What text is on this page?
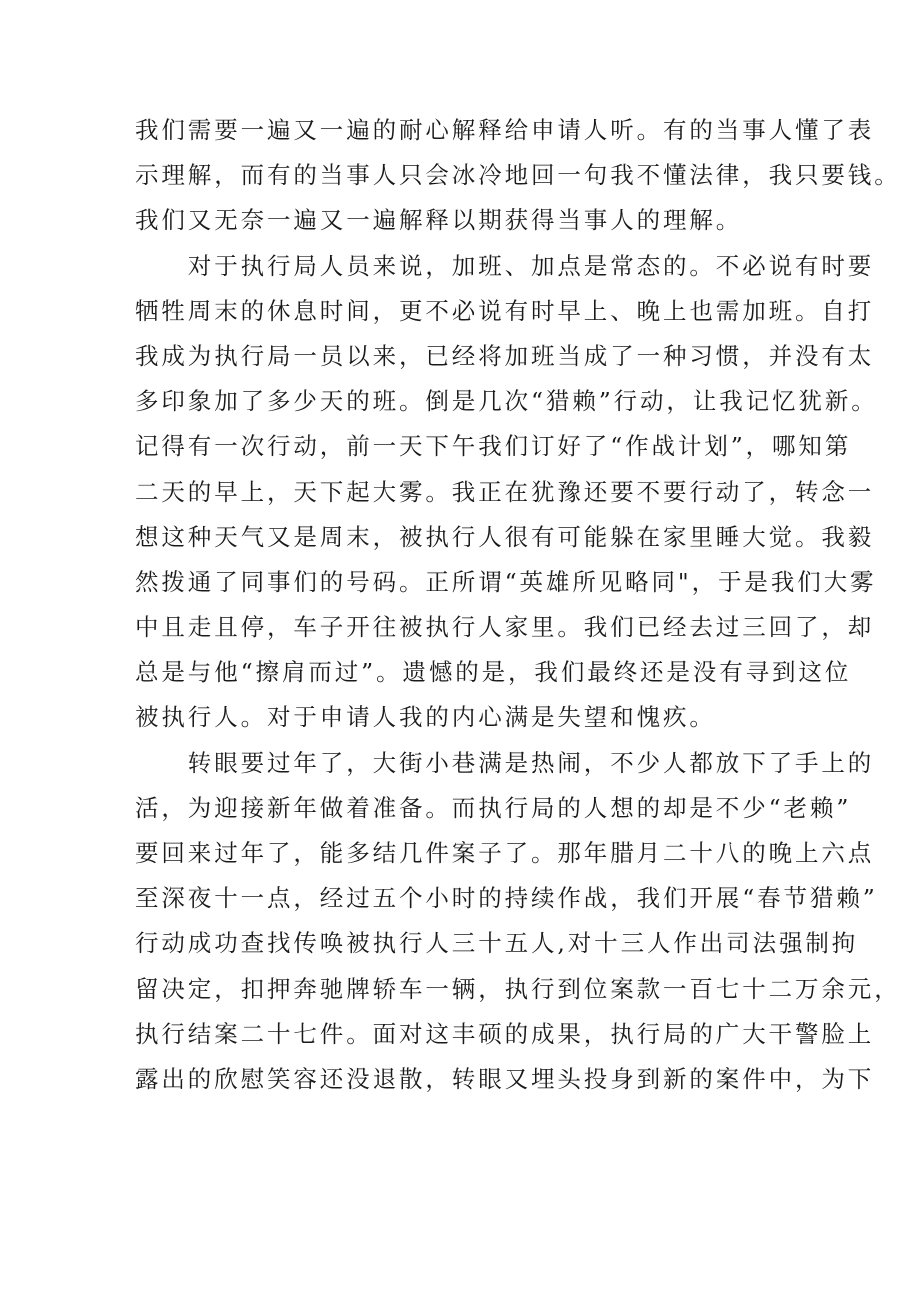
我们需要一遍又一遍的耐心解释给申请人听。有的当事人懂了表
示理解，而有的当事人只会冰冷地回一句我不懂法律，我只要钱。
我们又无奈一遍又一遍解释以期获得当事人的理解。
　　对于执行局人员来说，加班、加点是常态的。不必说有时要
牺牲周末的休息时间，更不必说有时早上、晚上也需加班。自打
我成为执行局一员以来，已经将加班当成了一种习惯，并没有太
多印象加了多少天的班。倒是几次“猎赖”行动，让我记忆犹新。
记得有一次行动，前一天下午我们订好了“作战计划”，哪知第
二天的早上，天下起大雾。我正在犹豫还要不要行动了，转念一
想这种天气又是周末，被执行人很有可能躲在家里睡大觉。我毅
然拨通了同事们的号码。正所谓“英雄所见略同"，于是我们大雾
中且走且停，车子开往被执行人家里。我们已经去过三回了，却
总是与他“擦肩而过”。遗憾的是，我们最终还是没有寻到这位
被执行人。对于申请人我的内心满是失望和愧疚。
　　转眼要过年了，大街小巷满是热闹，不少人都放下了手上的
活，为迎接新年做着准备。而执行局的人想的却是不少“老赖”
要回来过年了，能多结几件案子了。那年腊月二十八的晚上六点
至深夜十一点，经过五个小时的持续作战，我们开展“春节猎赖”
行动成功查找传唤被执行人三十五人,对十三人作出司法强制拘
留决定，扣押奔驰牌轿车一辆，执行到位案款一百七十二万余元，
执行结案二十七件。面对这丰硕的成果，执行局的广大干警脸上
露出的欣慰笑容还没退散，转眼又埋头投身到新的案件中，为下
